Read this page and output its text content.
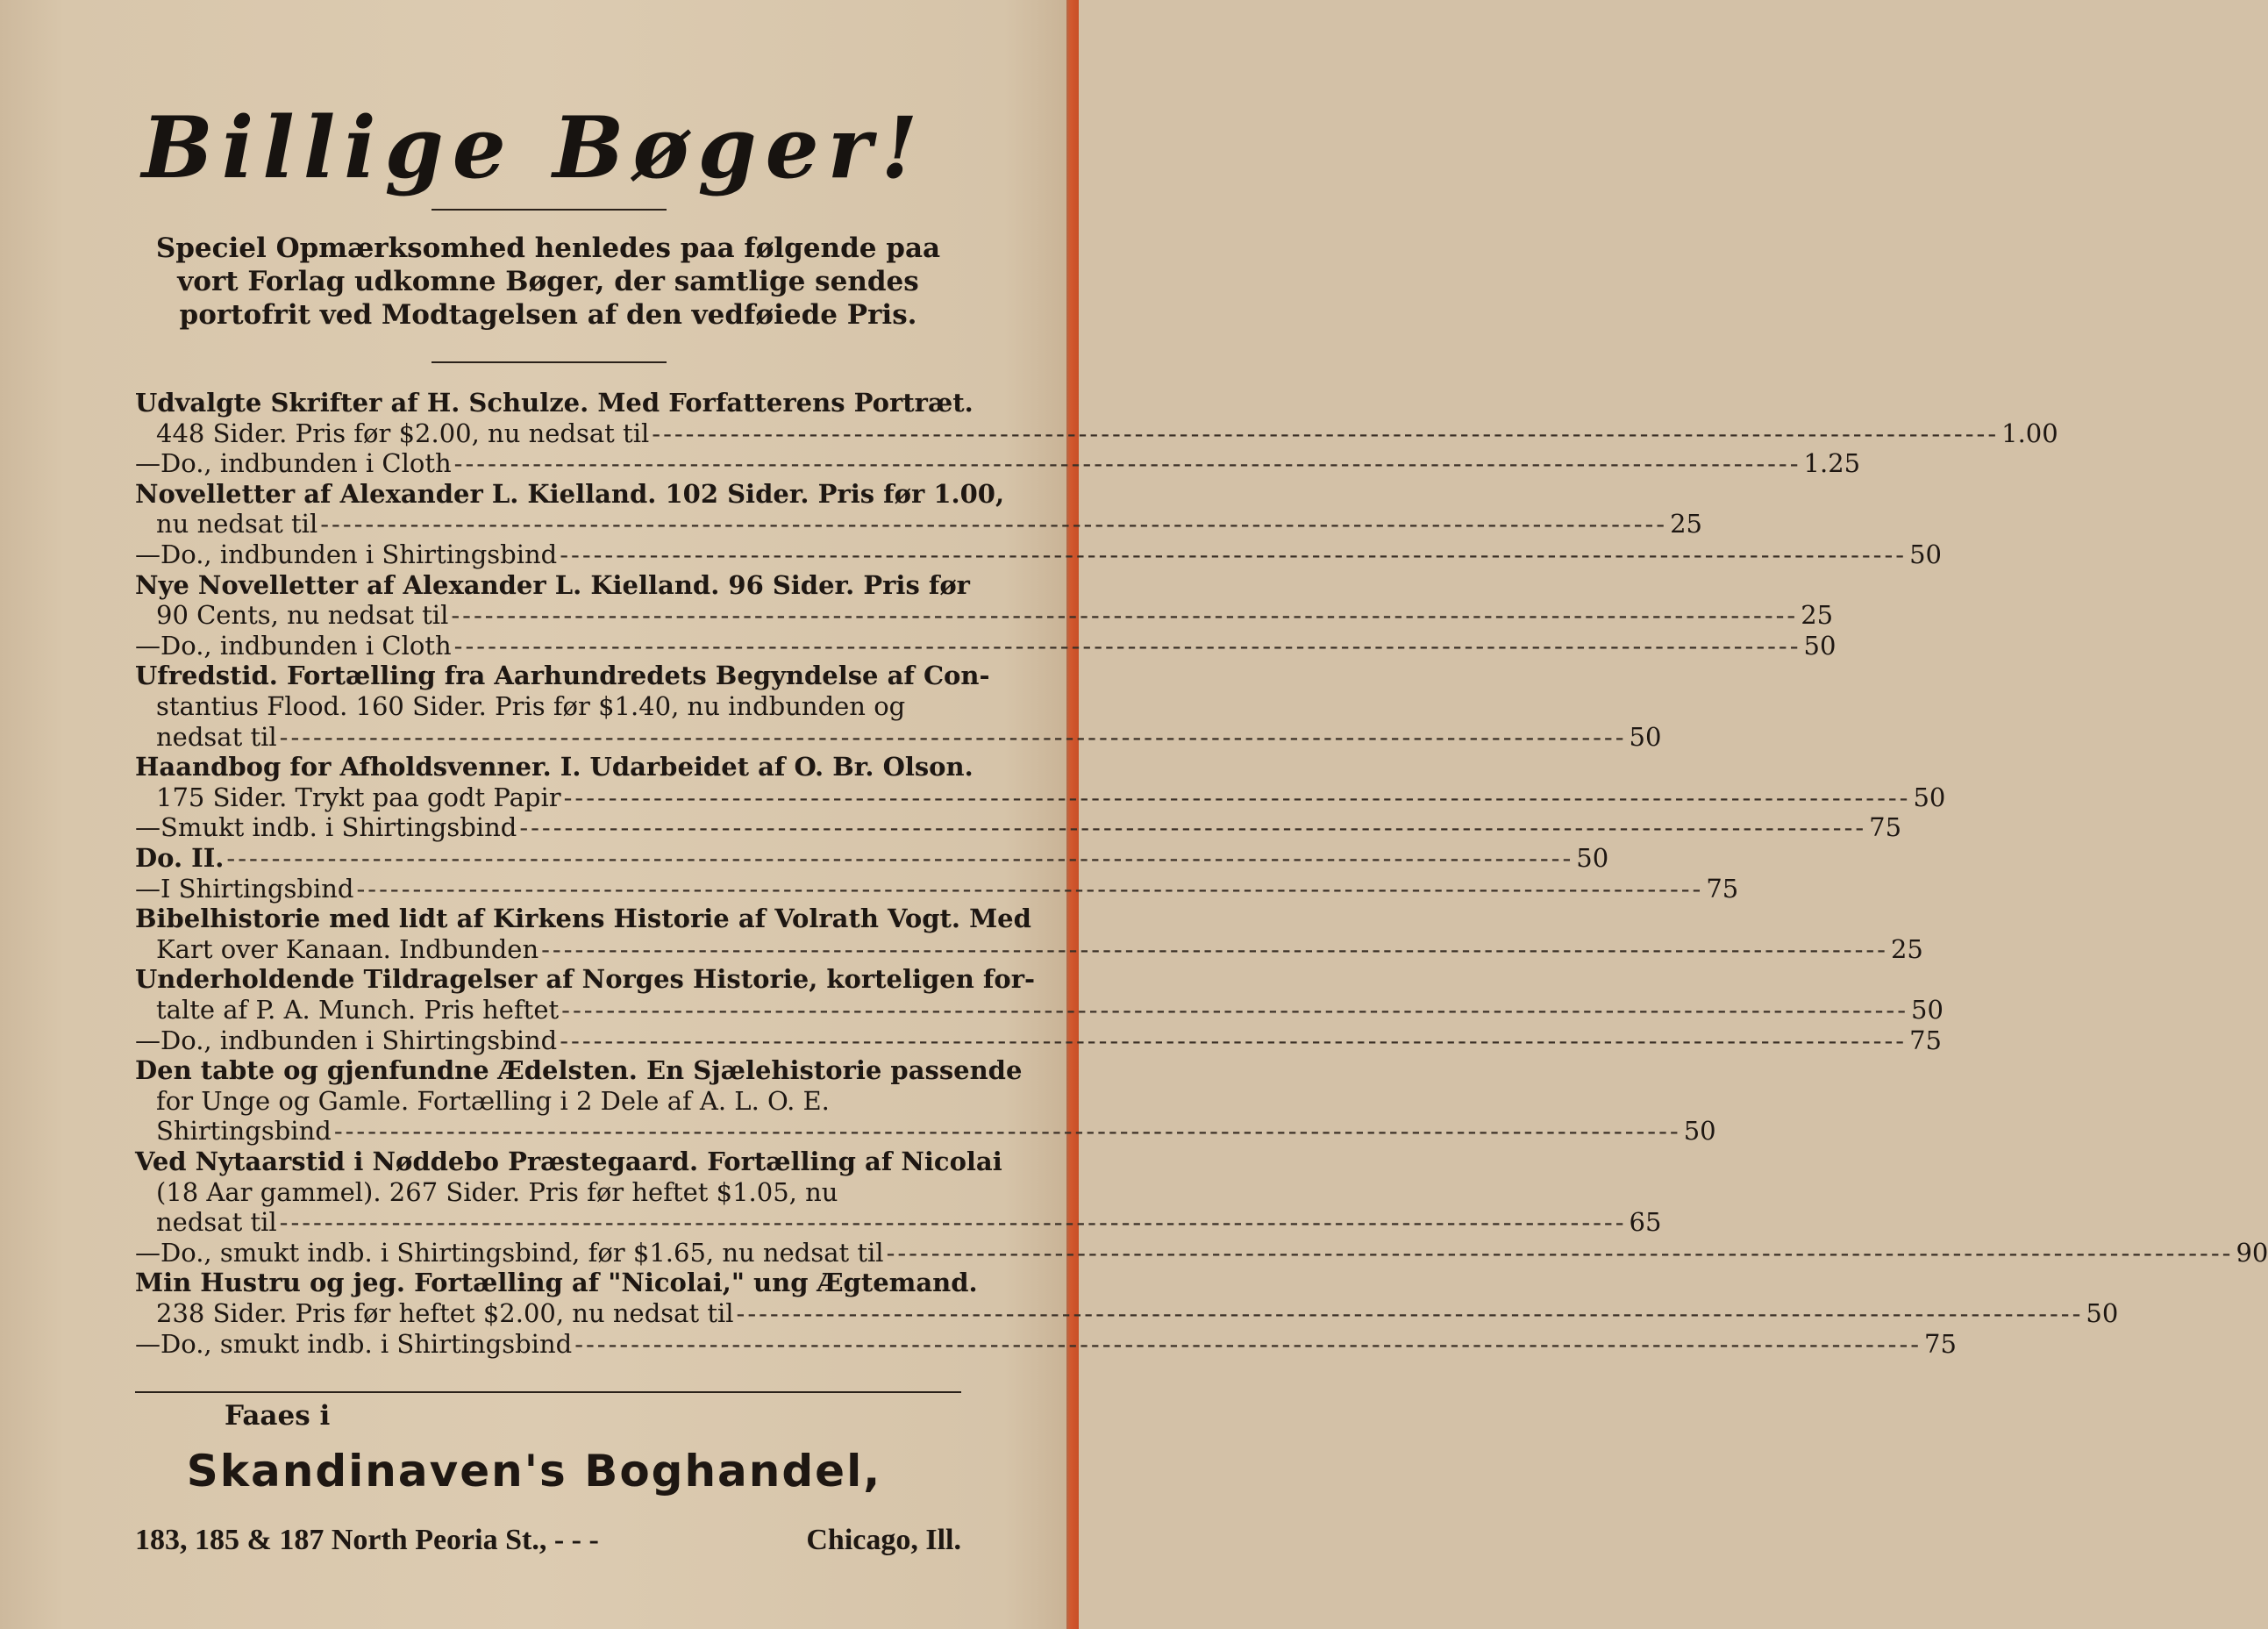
Billige Bøger!
Speciel Opmærksomhed henledes paa følgende paa vort Forlag udkomne Bøger, der samtlige sendes portofrit ved Modtagelsen af den vedføiede Pris.
Udvalgte Skrifter af H. Schulze. Med Forfatterens Portræt.
448 Sider. Pris før $2.00, nu nedsat til ------------------------------------------------------------------------------------------------------------------------ 1.00
—Do., indbunden i Cloth ------------------------------------------------------------------------------------------------------------------------ 1.25
Novelletter af Alexander L. Kielland. 102 Sider. Pris før 1.00,
nu nedsat til ------------------------------------------------------------------------------------------------------------------------ 25
—Do., indbunden i Shirtingsbind ------------------------------------------------------------------------------------------------------------------------ 50
Nye Novelletter af Alexander L. Kielland. 96 Sider. Pris før
90 Cents, nu nedsat til ------------------------------------------------------------------------------------------------------------------------ 25
—Do., indbunden i Cloth ------------------------------------------------------------------------------------------------------------------------ 50
Ufredstid. Fortælling fra Aarhundredets Begyndelse af Con-
stantius Flood. 160 Sider. Pris før $1.40, nu indbunden og
nedsat til ------------------------------------------------------------------------------------------------------------------------ 50
Haandbog for Afholdsvenner. I. Udarbeidet af O. Br. Olson.
175 Sider. Trykt paa godt Papir ------------------------------------------------------------------------------------------------------------------------ 50
—Smukt indb. i Shirtingsbind ------------------------------------------------------------------------------------------------------------------------ 75
Do. II. ------------------------------------------------------------------------------------------------------------------------ 50
—I Shirtingsbind ------------------------------------------------------------------------------------------------------------------------ 75
Bibelhistorie med lidt af Kirkens Historie af Volrath Vogt. Med
Kart over Kanaan. Indbunden ------------------------------------------------------------------------------------------------------------------------ 25
Underholdende Tildragelser af Norges Historie, korteligen for-
talte af P. A. Munch. Pris heftet ------------------------------------------------------------------------------------------------------------------------ 50
—Do., indbunden i Shirtingsbind ------------------------------------------------------------------------------------------------------------------------ 75
Den tabte og gjenfundne Ædelsten. En Sjælehistorie passende
for Unge og Gamle. Fortælling i 2 Dele af A. L. O. E.
Shirtingsbind ------------------------------------------------------------------------------------------------------------------------ 50
Ved Nytaarstid i Nøddebo Præstegaard. Fortælling af Nicolai
(18 Aar gammel). 267 Sider. Pris før heftet $1.05, nu
nedsat til ------------------------------------------------------------------------------------------------------------------------ 65
—Do., smukt indb. i Shirtingsbind, før $1.65, nu nedsat til ------------------------------------------------------------------------------------------------------------------------ 90
Min Hustru og jeg. Fortælling af "Nicolai," ung Ægtemand.
238 Sider. Pris før heftet $2.00, nu nedsat til ------------------------------------------------------------------------------------------------------------------------ 50
—Do., smukt indb. i Shirtingsbind ------------------------------------------------------------------------------------------------------------------------ 75
Faaes i
Skandinaven's Boghandel,
183, 185 & 187 North Peoria St., - - -	Chicago, Ill.
